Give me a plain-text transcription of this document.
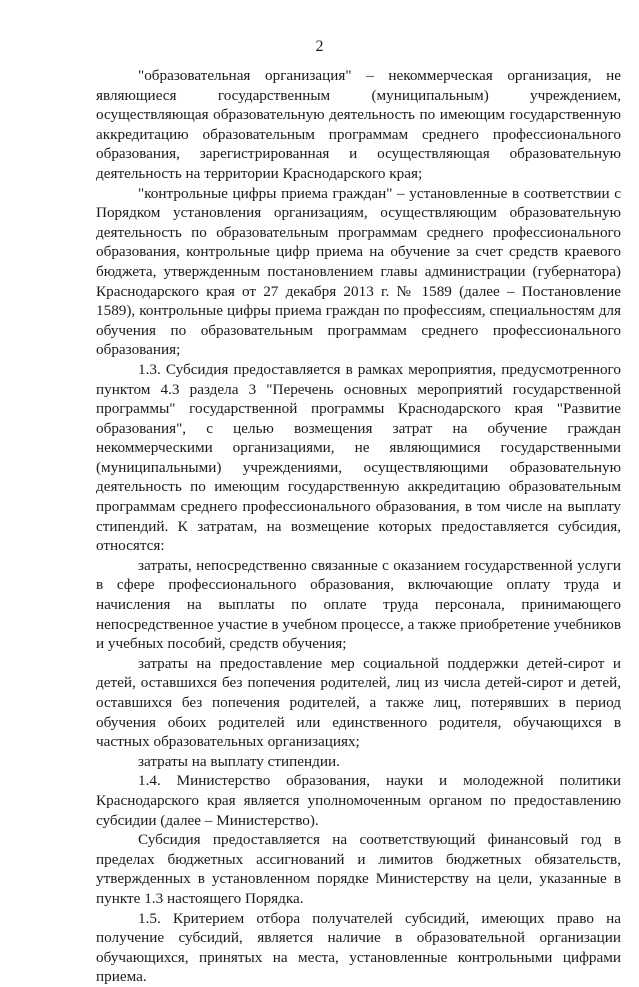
2

"образовательная организация" – некоммерческая организация, не являющиеся государственным (муниципальным) учреждением, осуществляющая образовательную деятельность по имеющим государственную аккредитацию образовательным программам среднего профессионального образования, зарегистрированная и осуществляющая образовательную деятельность на территории Краснодарского края;

"контрольные цифры приема граждан" – установленные в соответствии с Порядком установления организациям, осуществляющим образовательную деятельность по образовательным программам среднего профессионального образования, контрольные цифр приема на обучение за счет средств краевого бюджета, утвержденным постановлением главы администрации (губернатора) Краснодарского края от 27 декабря 2013 г. № 1589 (далее – Постановление 1589), контрольные цифры приема граждан по профессиям, специальностям для обучения по образовательным программам среднего профессионального образования;

1.3. Субсидия предоставляется в рамках мероприятия, предусмотренного пунктом 4.3 раздела 3 "Перечень основных мероприятий государственной программы" государственной программы Краснодарского края "Развитие образования", с целью возмещения затрат на обучение граждан некоммерческими организациями, не являющимися государственными (муниципальными) учреждениями, осуществляющими образовательную деятельность по имеющим государственную аккредитацию образовательным программам среднего профессионального образования, в том числе на выплату стипендий. К затратам, на возмещение которых предоставляется субсидия, относятся:

затраты, непосредственно связанные с оказанием государственной услуги в сфере профессионального образования, включающие оплату труда и начисления на выплаты по оплате труда персонала, принимающего непосредственное участие в учебном процессе, а также приобретение учебников и учебных пособий, средств обучения;

затраты на предоставление мер социальной поддержки детей-сирот и детей, оставшихся без попечения родителей, лиц из числа детей-сирот и детей, оставшихся без попечения родителей, а также лиц, потерявших в период обучения обоих родителей или единственного родителя, обучающихся в частных образовательных организациях;

затраты на выплату стипендии.

1.4. Министерство образования, науки и молодежной политики Краснодарского края является уполномоченным органом по предоставлению субсидии (далее – Министерство).

Субсидия предоставляется на соответствующий финансовый год в пределах бюджетных ассигнований и лимитов бюджетных обязательств, утвержденных в установленном порядке Министерству на цели, указанные в пункте 1.3 настоящего Порядка.

1.5. Критерием отбора получателей субсидий, имеющих право на получение субсидий, является наличие в образовательной организации обучающихся, принятых на места, установленные контрольными цифрами приема.
